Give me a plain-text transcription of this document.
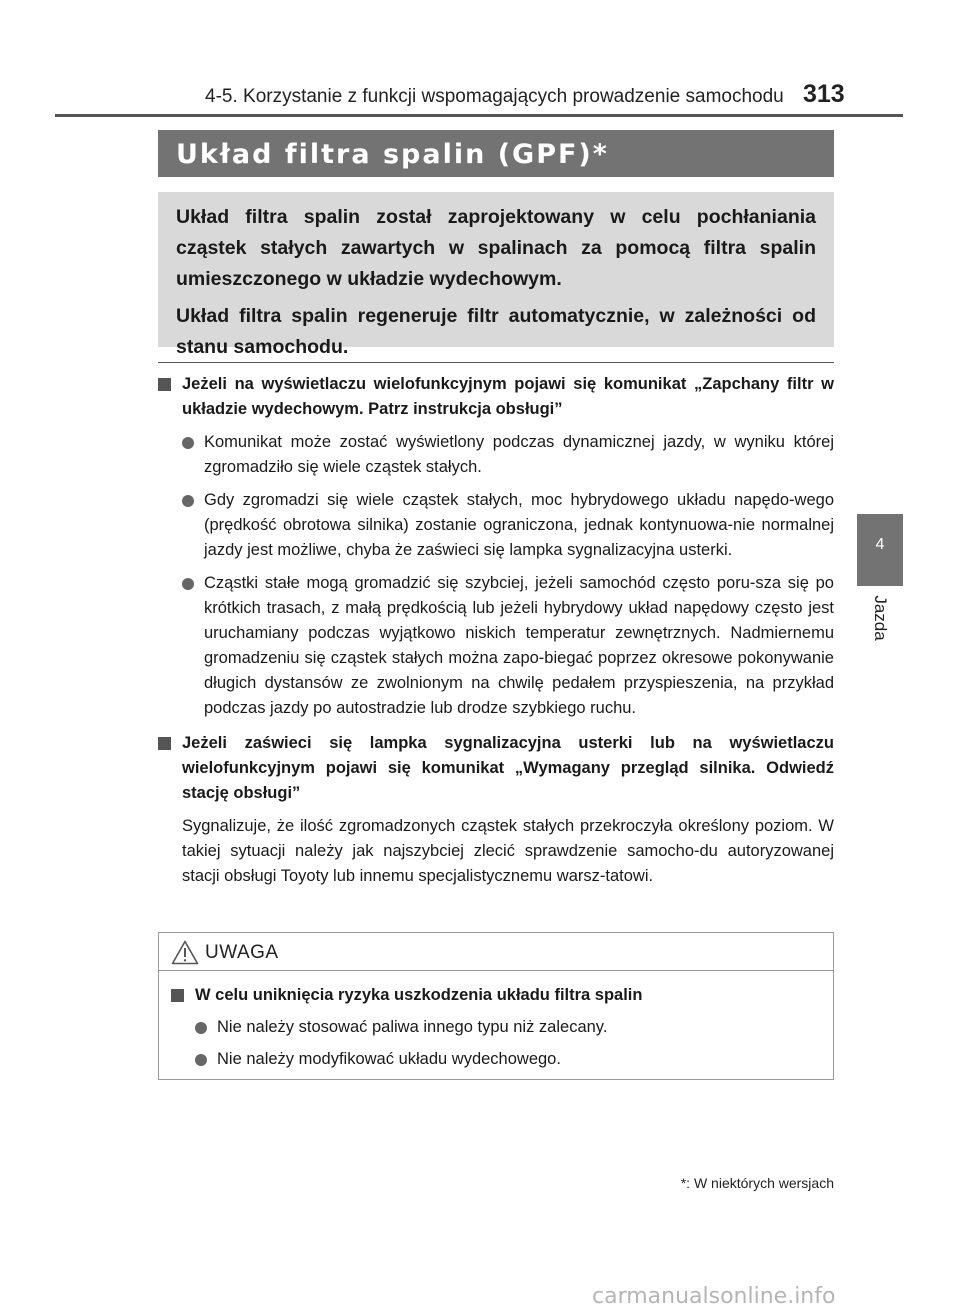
4-5. Korzystanie z funkcji wspomagających prowadzenie samochodu 313
Układ filtra spalin (GPF)*

Układ filtra spalin został zaprojektowany w celu pochłaniania cząstek stałych zawartych w spalinach za pomocą filtra spalin umieszczonego w układzie wydechowym.

Układ filtra spalin regeneruje filtr automatycznie, w zależności od stanu samochodu.

Jeżeli na wyświetlaczu wielofunkcyjnym pojawi się komunikat „Zapchany filtr w układzie wydechowym. Patrz instrukcja obsługi”
Komunikat może zostać wyświetlony podczas dynamicznej jazdy, w wyniku której zgromadziło się wiele cząstek stałych.
Gdy zgromadzi się wiele cząstek stałych, moc hybrydowego układu napędo-wego (prędkość obrotowa silnika) zostanie ograniczona, jednak kontynuowa-nie normalnej jazdy jest możliwe, chyba że zaświeci się lampka sygnalizacyjna usterki.
Cząstki stałe mogą gromadzić się szybciej, jeżeli samochód często poru-sza się po krótkich trasach, z małą prędkością lub jeżeli hybrydowy układ napędowy często jest uruchamiany podczas wyjątkowo niskich temperatur zewnętrznych. Nadmiernemu gromadzeniu się cząstek stałych można zapo-biegać poprzez okresowe pokonywanie długich dystansów ze zwolnionym na chwilę pedałem przyspieszenia, na przykład podczas jazdy po autostradzie lub drodze szybkiego ruchu.
Jeżeli zaświeci się lampka sygnalizacyjna usterki lub na wyświetlaczu wielofunkcyjnym pojawi się komunikat „Wymagany przegląd silnika. Odwiedź stację obsługi”
Sygnalizuje, że ilość zgromadzonych cząstek stałych przekroczyła określony poziom. W takiej sytuacji należy jak najszybciej zlecić sprawdzenie samocho-du autoryzowanej stacji obsługi Toyoty lub innemu specjalistycznemu warsz-tatowi.
UWAGA
W celu uniknięcia ryzyka uszkodzenia układu filtra spalin
Nie należy stosować paliwa innego typu niż zalecany.
Nie należy modyfikować układu wydechowego.
*: W niektórych wersjach
4
Jazda
carmanualsonline.info
